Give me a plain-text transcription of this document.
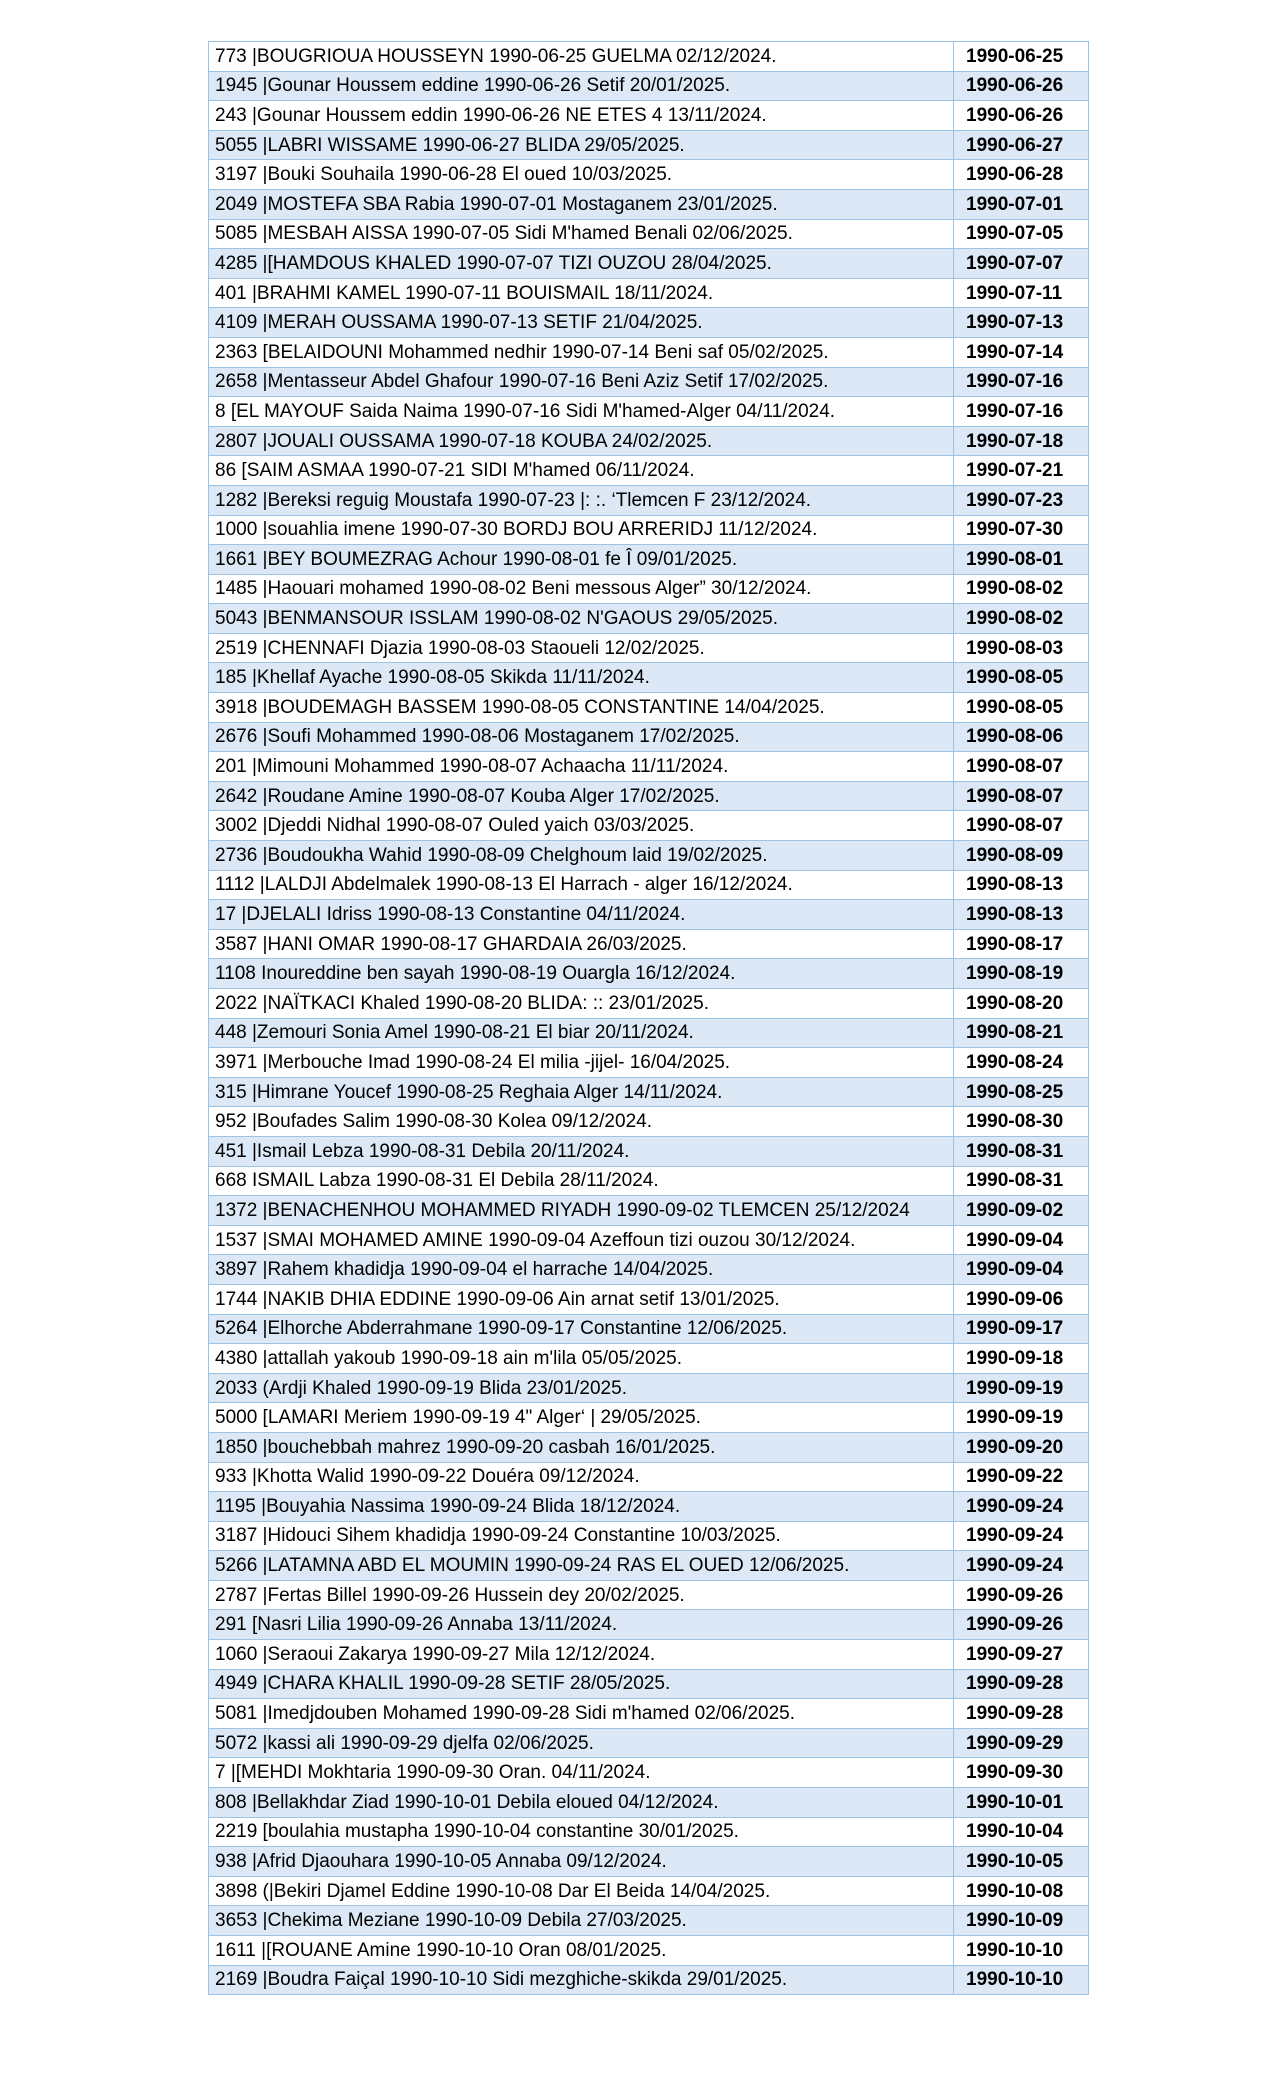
773 |BOUGRIOUA HOUSSEYN 1990-06-25 GUELMA 02/12/2024.	1990-06-25
1945 |Gounar Houssem eddine 1990-06-26 Setif 20/01/2025.	1990-06-26
243 |Gounar Houssem eddin 1990-06-26 NE ETES 4 13/11/2024.	1990-06-26
5055 |LABRI WISSAME 1990-06-27 BLIDA 29/05/2025.	1990-06-27
3197 |Bouki Souhaila 1990-06-28 El oued 10/03/2025.	1990-06-28
2049 |MOSTEFA SBA Rabia 1990-07-01 Mostaganem 23/01/2025.	1990-07-01
5085 |MESBAH AISSA 1990-07-05 Sidi M'hamed Benali 02/06/2025.	1990-07-05
4285 |[HAMDOUS KHALED 1990-07-07 TIZI OUZOU 28/04/2025.	1990-07-07
401 |BRAHMI KAMEL 1990-07-11 BOUISMAIL 18/11/2024.	1990-07-11
4109 |MERAH OUSSAMA 1990-07-13 SETIF 21/04/2025.	1990-07-13
2363 [BELAIDOUNI Mohammed nedhir 1990-07-14 Beni saf 05/02/2025.	1990-07-14
2658 |Mentasseur Abdel Ghafour 1990-07-16 Beni Aziz Setif 17/02/2025.	1990-07-16
8 [EL MAYOUF Saida Naima 1990-07-16 Sidi M'hamed-Alger 04/11/2024.	1990-07-16
2807 |JOUALI OUSSAMA 1990-07-18 KOUBA 24/02/2025.	1990-07-18
86 [SAIM ASMAA 1990-07-21 SIDI M'hamed 06/11/2024.	1990-07-21
1282 |Bereksi reguig Moustafa 1990-07-23 |: :. ‘Tlemcen F 23/12/2024.	1990-07-23
1000 |souahlia imene 1990-07-30 BORDJ BOU ARRERIDJ 11/12/2024.	1990-07-30
1661 |BEY BOUMEZRAG Achour 1990-08-01 fe Î 09/01/2025.	1990-08-01
1485 |Haouari mohamed 1990-08-02 Beni messous Alger” 30/12/2024.	1990-08-02
5043 |BENMANSOUR ISSLAM 1990-08-02 N'GAOUS 29/05/2025.	1990-08-02
2519 |CHENNAFI Djazia 1990-08-03 Staoueli 12/02/2025.	1990-08-03
185 |Khellaf Ayache 1990-08-05 Skikda 11/11/2024.	1990-08-05
3918 |BOUDEMAGH BASSEM 1990-08-05 CONSTANTINE 14/04/2025.	1990-08-05
2676 |Soufi Mohammed 1990-08-06 Mostaganem 17/02/2025.	1990-08-06
201 |Mimouni Mohammed 1990-08-07 Achaacha 11/11/2024.	1990-08-07
2642 |Roudane Amine 1990-08-07 Kouba Alger 17/02/2025.	1990-08-07
3002 |Djeddi Nidhal 1990-08-07 Ouled yaich 03/03/2025.	1990-08-07
2736 |Boudoukha Wahid 1990-08-09 Chelghoum laid 19/02/2025.	1990-08-09
1112 |LALDJI Abdelmalek 1990-08-13 El Harrach - alger 16/12/2024.	1990-08-13
17 |DJELALI Idriss 1990-08-13 Constantine 04/11/2024.	1990-08-13
3587 |HANI OMAR 1990-08-17 GHARDAIA 26/03/2025.	1990-08-17
1108 Inoureddine ben sayah 1990-08-19 Ouargla 16/12/2024.	1990-08-19
2022 |NAÏTKACI Khaled 1990-08-20 BLIDA: :: 23/01/2025.	1990-08-20
448 |Zemouri Sonia Amel 1990-08-21 El biar 20/11/2024.	1990-08-21
3971 |Merbouche Imad 1990-08-24 El milia -jijel- 16/04/2025.	1990-08-24
315 |Himrane Youcef 1990-08-25 Reghaia Alger 14/11/2024.	1990-08-25
952 |Boufades Salim 1990-08-30 Kolea 09/12/2024.	1990-08-30
451 |Ismail Lebza 1990-08-31 Debila 20/11/2024.	1990-08-31
668 ISMAIL Labza 1990-08-31 El Debila 28/11/2024.	1990-08-31
1372 |BENACHENHOU MOHAMMED RIYADH 1990-09-02 TLEMCEN 25/12/2024	1990-09-02
1537 |SMAI MOHAMED AMINE 1990-09-04 Azeffoun tizi ouzou 30/12/2024.	1990-09-04
3897 |Rahem khadidja 1990-09-04 el harrache 14/04/2025.	1990-09-04
1744 |NAKIB DHIA EDDINE 1990-09-06 Ain arnat setif 13/01/2025.	1990-09-06
5264 |Elhorche Abderrahmane 1990-09-17 Constantine 12/06/2025.	1990-09-17
4380 |attallah yakoub 1990-09-18 ain m'lila 05/05/2025.	1990-09-18
2033 (Ardji Khaled 1990-09-19 Blida 23/01/2025.	1990-09-19
5000 [LAMARI Meriem 1990-09-19 4" Alger‘ | 29/05/2025.	1990-09-19
1850 |bouchebbah mahrez 1990-09-20 casbah 16/01/2025.	1990-09-20
933 |Khotta Walid 1990-09-22 Douéra 09/12/2024.	1990-09-22
1195 |Bouyahia Nassima 1990-09-24 Blida 18/12/2024.	1990-09-24
3187 |Hidouci Sihem khadidja 1990-09-24 Constantine 10/03/2025.	1990-09-24
5266 |LATAMNA ABD EL MOUMIN 1990-09-24 RAS EL OUED 12/06/2025.	1990-09-24
2787 |Fertas Billel 1990-09-26 Hussein dey 20/02/2025.	1990-09-26
291 [Nasri Lilia 1990-09-26 Annaba 13/11/2024.	1990-09-26
1060 |Seraoui Zakarya 1990-09-27 Mila 12/12/2024.	1990-09-27
4949 |CHARA KHALIL 1990-09-28 SETIF 28/05/2025.	1990-09-28
5081 |Imedjdouben Mohamed 1990-09-28 Sidi m'hamed 02/06/2025.	1990-09-28
5072 |kassi ali 1990-09-29 djelfa 02/06/2025.	1990-09-29
7 |[MEHDI Mokhtaria 1990-09-30 Oran. 04/11/2024.	1990-09-30
808 |Bellakhdar Ziad 1990-10-01 Debila eloued 04/12/2024.	1990-10-01
2219 [boulahia mustapha 1990-10-04 constantine 30/01/2025.	1990-10-04
938 |Afrid Djaouhara 1990-10-05 Annaba 09/12/2024.	1990-10-05
3898 (|Bekiri Djamel Eddine 1990-10-08 Dar El Beida 14/04/2025.	1990-10-08
3653 |Chekima Meziane 1990-10-09 Debila 27/03/2025.	1990-10-09
1611 |[ROUANE Amine 1990-10-10 Oran 08/01/2025.	1990-10-10
2169 |Boudra Faiçal 1990-10-10 Sidi mezghiche-skikda 29/01/2025.	1990-10-10
